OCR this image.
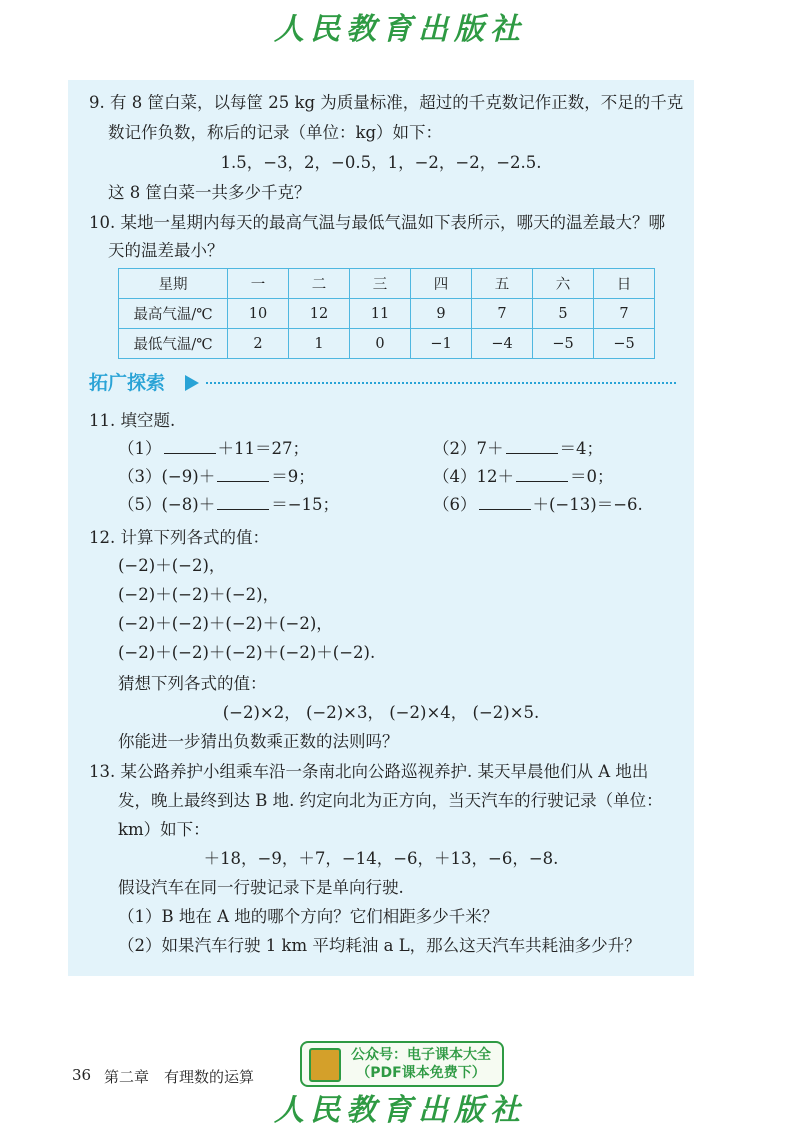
人民教育出版社
9. 有 8 筐白菜，以每筐 25 kg 为质量标准，超过的千克数记作正数，不足的千克
数记作负数，称后的记录（单位：kg）如下：
1.5，−3，2，−0.5，1，−2，−2，−2.5.
这 8 筐白菜一共多少千克？
10. 某地一星期内每天的最高气温与最低气温如下表所示，哪天的温差最大？哪
天的温差最小？
星期	一	二	三	四	五	六	日
最高气温/℃	10	12	11	9	7	5	7
最低气温/℃	2	1	0	−1	−4	−5	−5
拓广探索
11. 填空题.
（1）	＋11＝27；	（2）7＋	＝4；
（3）(−9)＋	＝9；	（4）12＋	＝0；
（5）(−8)＋	＝−15；	（6）	＋(−13)＝−6.
12. 计算下列各式的值：
(−2)＋(−2)，
(−2)＋(−2)＋(−2)，
(−2)＋(−2)＋(−2)＋(−2)，
(−2)＋(−2)＋(−2)＋(−2)＋(−2).
猜想下列各式的值：
(−2)×2， (−2)×3， (−2)×4， (−2)×5.
你能进一步猜出负数乘正数的法则吗？
13. 某公路养护小组乘车沿一条南北向公路巡视养护. 某天早晨他们从 A 地出
发，晚上最终到达 B 地. 约定向北为正方向，当天汽车的行驶记录（单位：
km）如下：
＋18，−9，＋7，−14，−6，＋13，−6，−8.
假设汽车在同一行驶记录下是单向行驶.
（1）B 地在 A 地的哪个方向？它们相距多少千米？
（2）如果汽车行驶 1 km 平均耗油 a L，那么这天汽车共耗油多少升？
36 第二章　有理数的运算
公众号：电子课本大全
（PDF课本免费下）
人民教育出版社
